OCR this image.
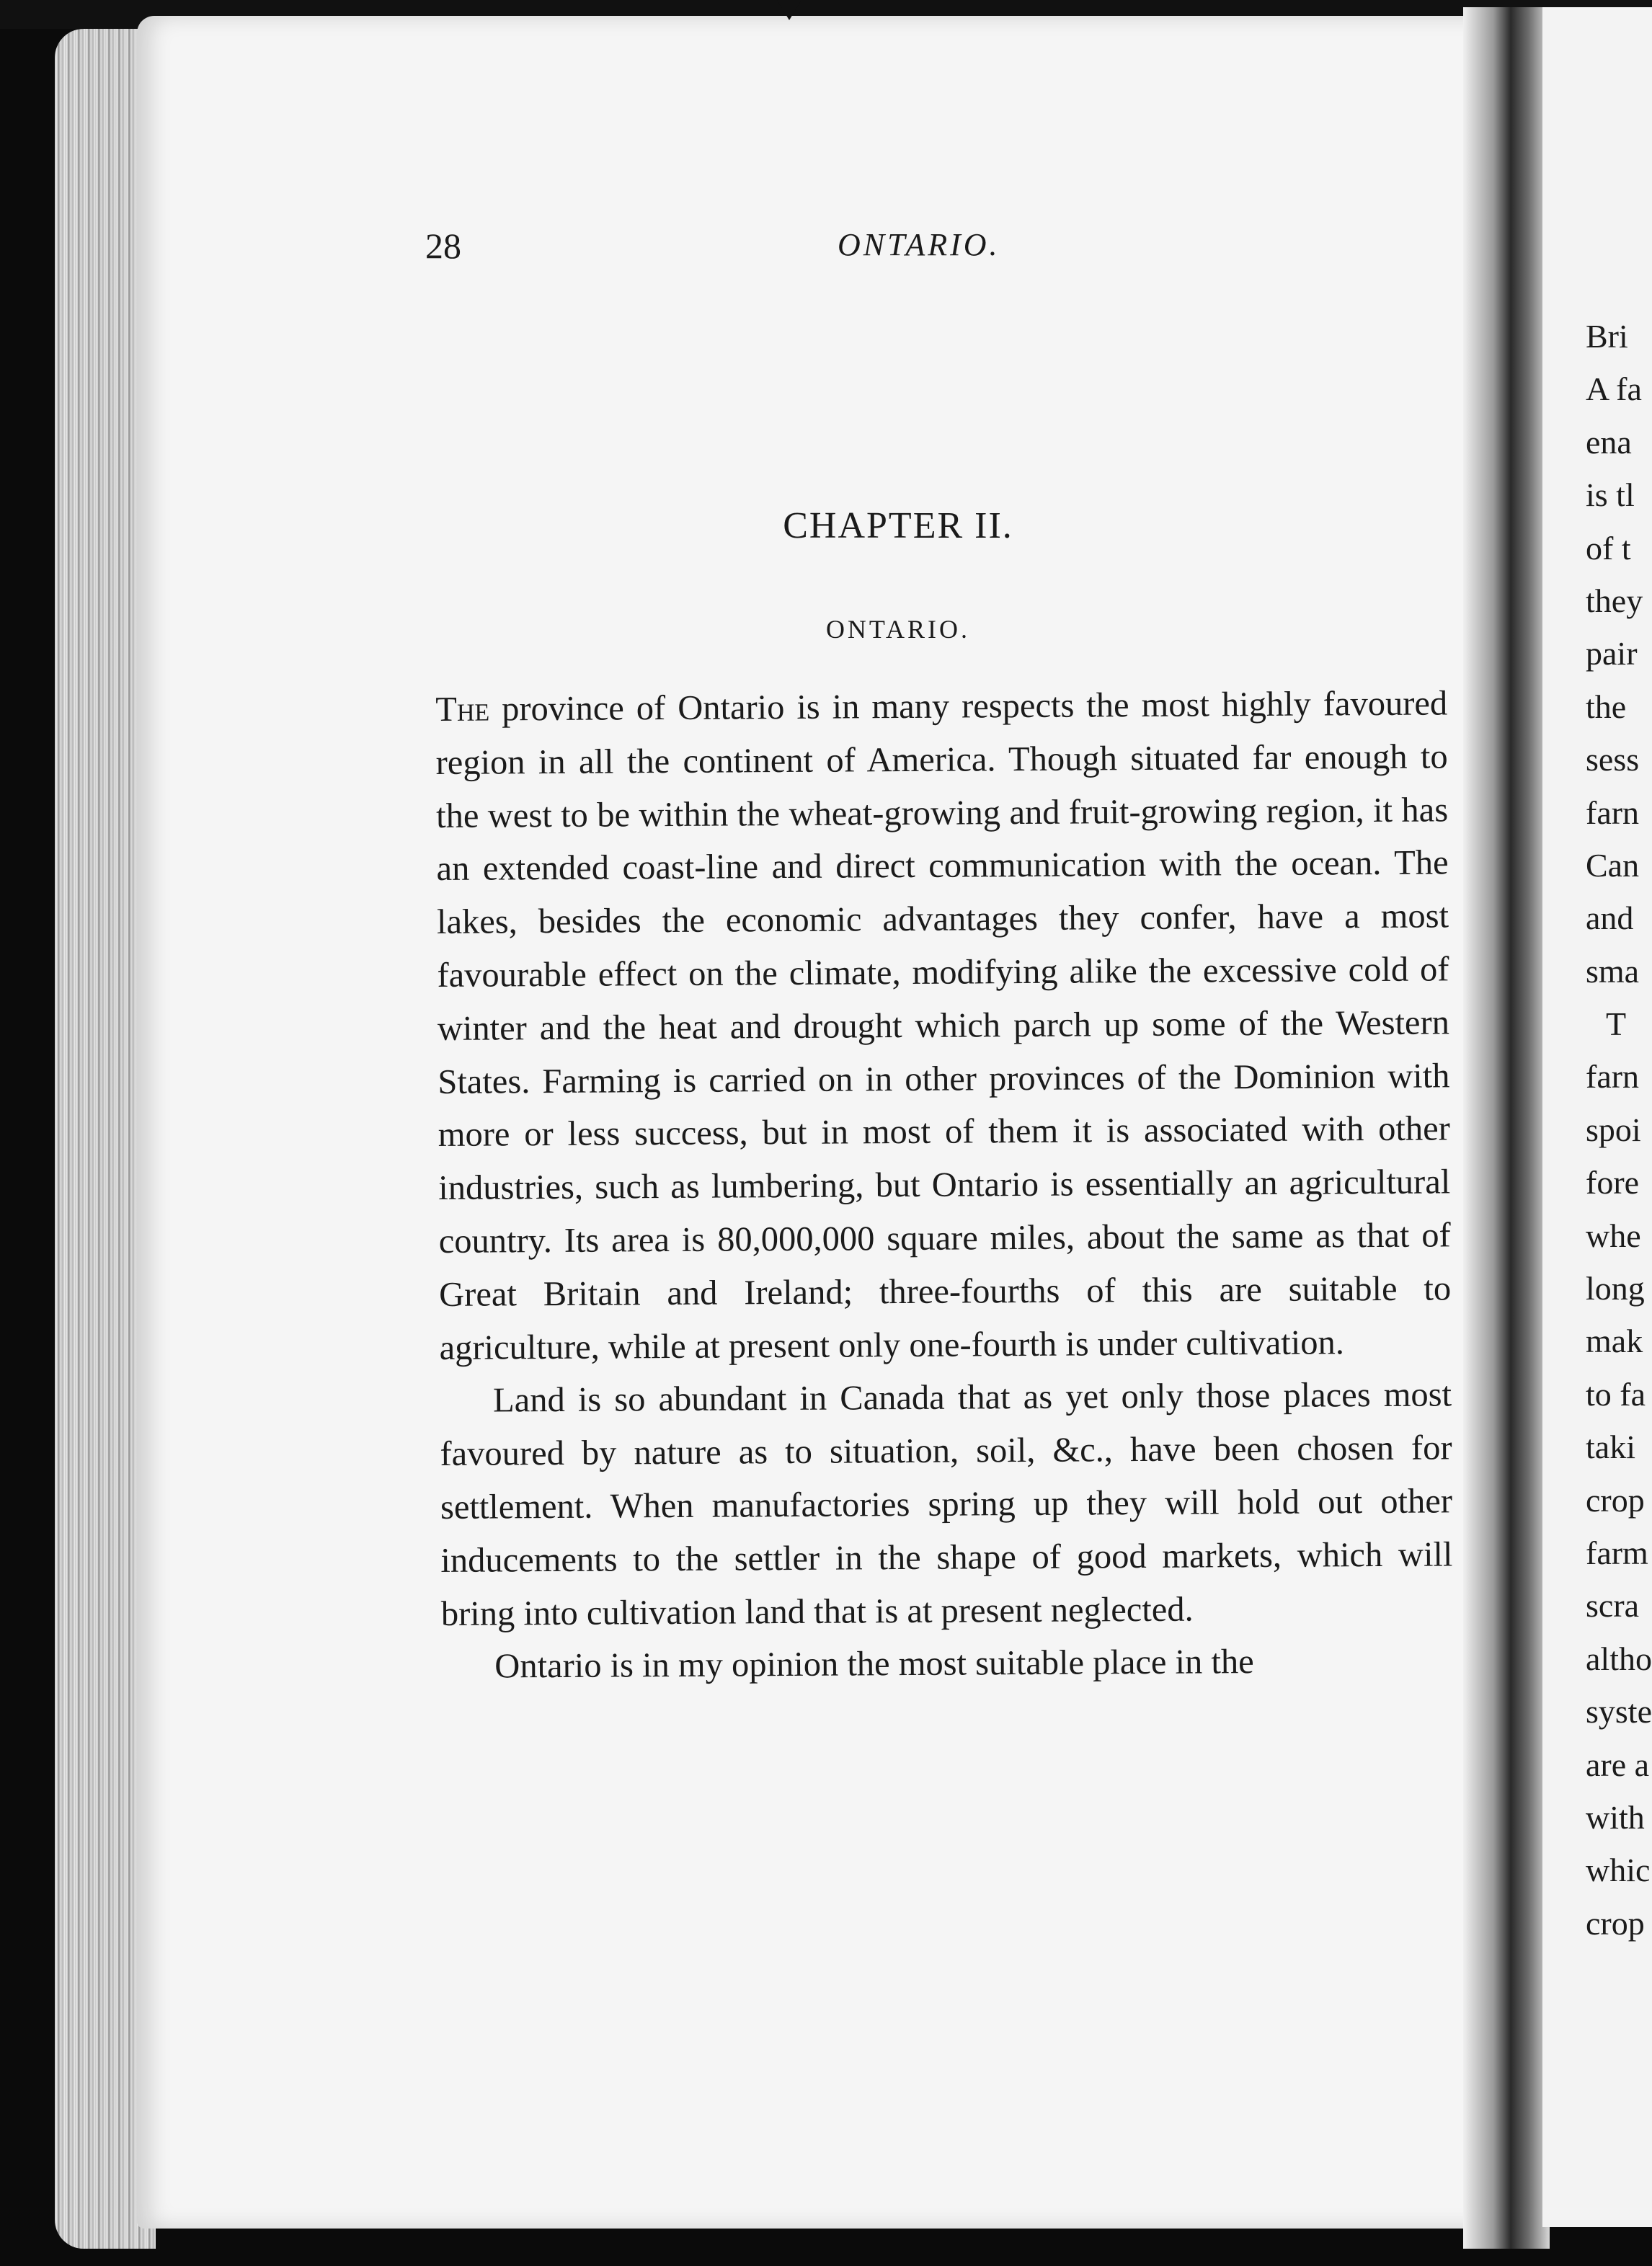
28	ONTARIO.
CHAPTER II.
ONTARIO.

The province of Ontario is in many respects the most highly favoured region in all the continent of America. Though situated far enough to the west to be within the wheat-growing and fruit-growing region, it has an extended coast-line and direct communication with the ocean. The lakes, besides the economic advantages they confer, have a most favourable effect on the climate, modifying alike the excessive cold of winter and the heat and drought which parch up some of the Western States. Farming is carried on in other provinces of the Dominion with more or less success, but in most of them it is associated with other industries, such as lumbering, but Ontario is essentially an agricultural country. Its area is 80,000,000 square miles, about the same as that of Great Britain and Ireland; three-fourths of this are suitable to agriculture, while at present only one-fourth is under cultivation.

Land is so abundant in Canada that as yet only those places most favoured by nature as to situation, soil, &c., have been chosen for settlement. When manufactories spring up they will hold out other inducements to the settler in the shape of good markets, which will bring into cultivation land that is at present neglected.

Ontario is in my opinion the most suitable place in the

Bri
A fa
ena
is tl
of t
they
pair
the
sess
farn
Can
and
sma
T
farn
spoi
fore
whe
long
mak
to fa
taki
crop
farm
scra
altho
syste
are a
with
whic
crop
